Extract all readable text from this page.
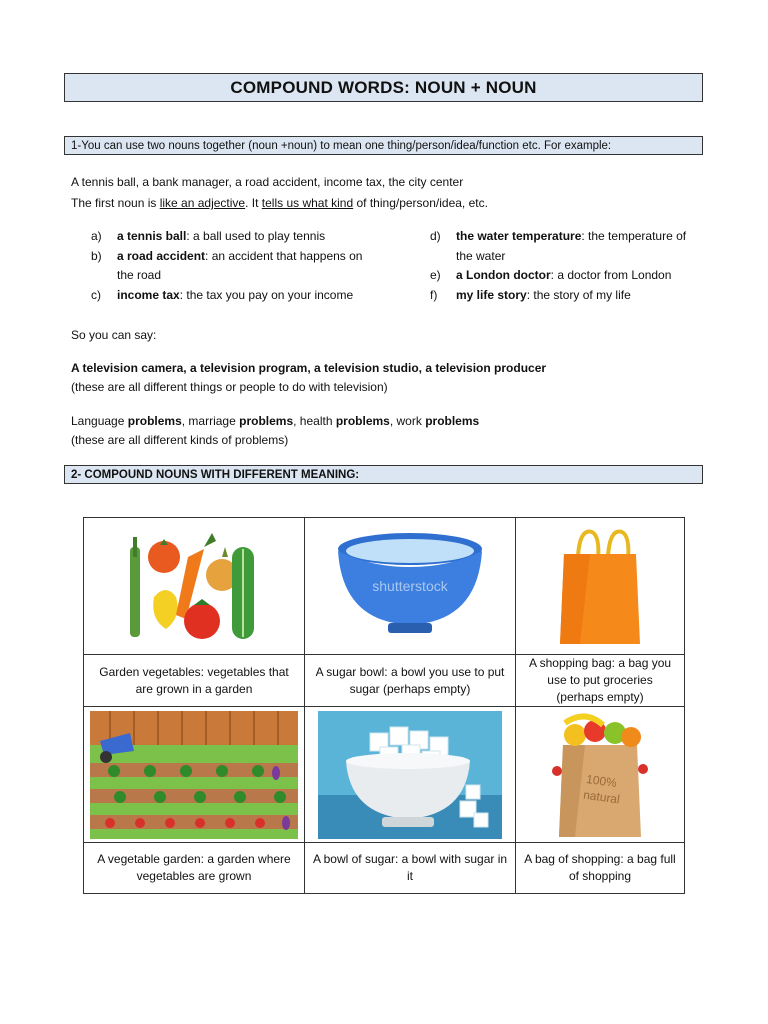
COMPOUND WORDS: NOUN + NOUN
1-You can use two nouns together (noun +noun) to mean one thing/person/idea/function etc. For example:
A tennis ball, a bank manager, a road accident, income tax, the city center
The first noun is like an adjective. It tells us what kind of thing/person/idea, etc.
a)	a tennis ball: a ball used to play tennis
b)	a road accident: an accident that happens on the road
c)	income tax: the tax you pay on your income
d)	the water temperature: the temperature of the water
e)	a London doctor: a doctor from London
f)	my life story: the story of my life
So you can say:
A television camera, a television program, a television studio, a television producer
(these are all different things or people to do with television)
Language problems, marriage problems, health problems, work problems
(these are all different kinds of problems)
2- COMPOUND NOUNS WITH DIFFERENT MEANING:

shutterstock

Garden vegetables: vegetables that are grown in a garden	A sugar bowl: a bowl you use to put sugar (perhaps empty)	A shopping bag: a bag you use to put groceries (perhaps empty)

100%
natural

A vegetable garden: a garden where vegetables are grown	A bowl of sugar: a bowl with sugar in it	A bag of shopping: a bag full of shopping
